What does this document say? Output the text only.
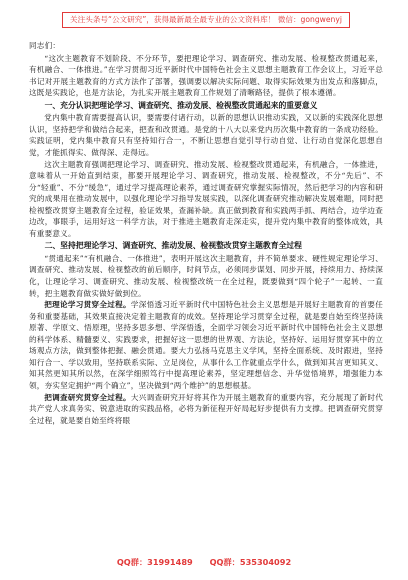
关注头条号“公文研究”，获得最新最全最专业的公文资料库！ 微信：gongwenyj

同志们：

“这次主题教育不划阶段、不分环节，要把理论学习、调查研究、推动发展、检视整改贯通起来，有机融合、一体推进。”在学习贯彻习近平新时代中国特色社会主义思想主题教育工作会议上，习近平总书记对开展主题教育的方式方法作了部署，强调要以解决实际问题、取得实际效果为出发点和落脚点，这既是实践论，也是方法论，为扎实开展主题教育工作规划了清晰路径，提供了根本遵循。

一、充分认识把理论学习、调查研究、推动发展、检视整改贯通起来的重要意义

党内集中教育需要提高认识，要需要付诸行动，以新的思想认识推动实践，又以新的实践深化思想认识，坚持把学和做结合起来，把查和改贯通。是党的十八大以来党内历次集中教育的一条成功经验。实践证明，党内集中教育只有坚持知行合一，不断让思想自觉引导行动自觉、让行动自觉深化思想自觉，才能抓得实、做得深、走得远。

这次主题教育强调把理论学习、调查研究、推动发展、检视整改贯通起来，有机融合，一体推进，意味着从一开始直到结束，都要开展理论学习、调查研究，推动发展、检视整改，不分“先后”、不分“轻重”、不分“缓急”，通过学习提高理论素养，通过调查研究掌握实际情况，然后把学习的内容和研究的成果用在推动发展中，以强化理论学习指导发展实践，以深化调查研究推动解决发展难题，同时把检视整改贯穿主题教育全过程，验证效果，查漏补缺。真正做到教育和实践两手抓、两结合，边学边查边改，事眼手，运用好这一科学方法，对于推进主题教育走深走实，提升党内集中教育的整体成效，具有重要意义。

二、坚持把理论学习、调查研究、推动发展、检视整改贯穿主题教育全过程

“贯通起来”“有机融合、一体推进”，表明开展这次主题教育，并不简单要求、硬性规定理论学习、调查研究、推动发展、检视整改的前后顺序，时间节点，必须同步谋划、同步开展，持续用力、持续深化，让理论学习、调查研究、推动发展、检视整改统一在全过程，既要做到“四个轮子”一起转、一直转，把主题教育做实做好做到位。

把理论学习贯穿全过程。学深悟透习近平新时代中国特色社会主义思想是开展好主题教育的首要任务和重要基础，其效果直接决定着主题教育的成效。坚持理论学习贯穿全过程，就是要自始至终坚持读原著、学原文、悟原理，坚持多思多想、学深悟透，全面学习领会习近平新时代中国特色社会主义思想的科学体系、精髓要义、实践要求，把握好这一思想的世界观、方法论，坚持好、运用好贯穿其中的立场观点方法，做到整体把握、融会贯通。要大力弘扬马克思主义学风，坚持全面系统、及时跟进，坚持知行合一、学以致用，坚持联系实际、立足岗位，从事什么工作就重点学什么，做到知其言更知其义、知其然更知其所以然，在深学细照笃行中提高理论素养，坚定理想信念、升华觉悟境界，增强能力本领，夯实坚定拥护“两个确立”，坚决做到“两个维护”的思想根基。

把调查研究贯穿全过程。大兴调查研究开好将其作为开展主题教育的重要内容，充分展现了新时代共产党人求真务实、锐意进取的实践品格，必将为新征程开好局起好步提供有力支撑。把调查研究贯穿全过程，就是要自始至终将眼

QQ群：31991489 QQ群：535304092
